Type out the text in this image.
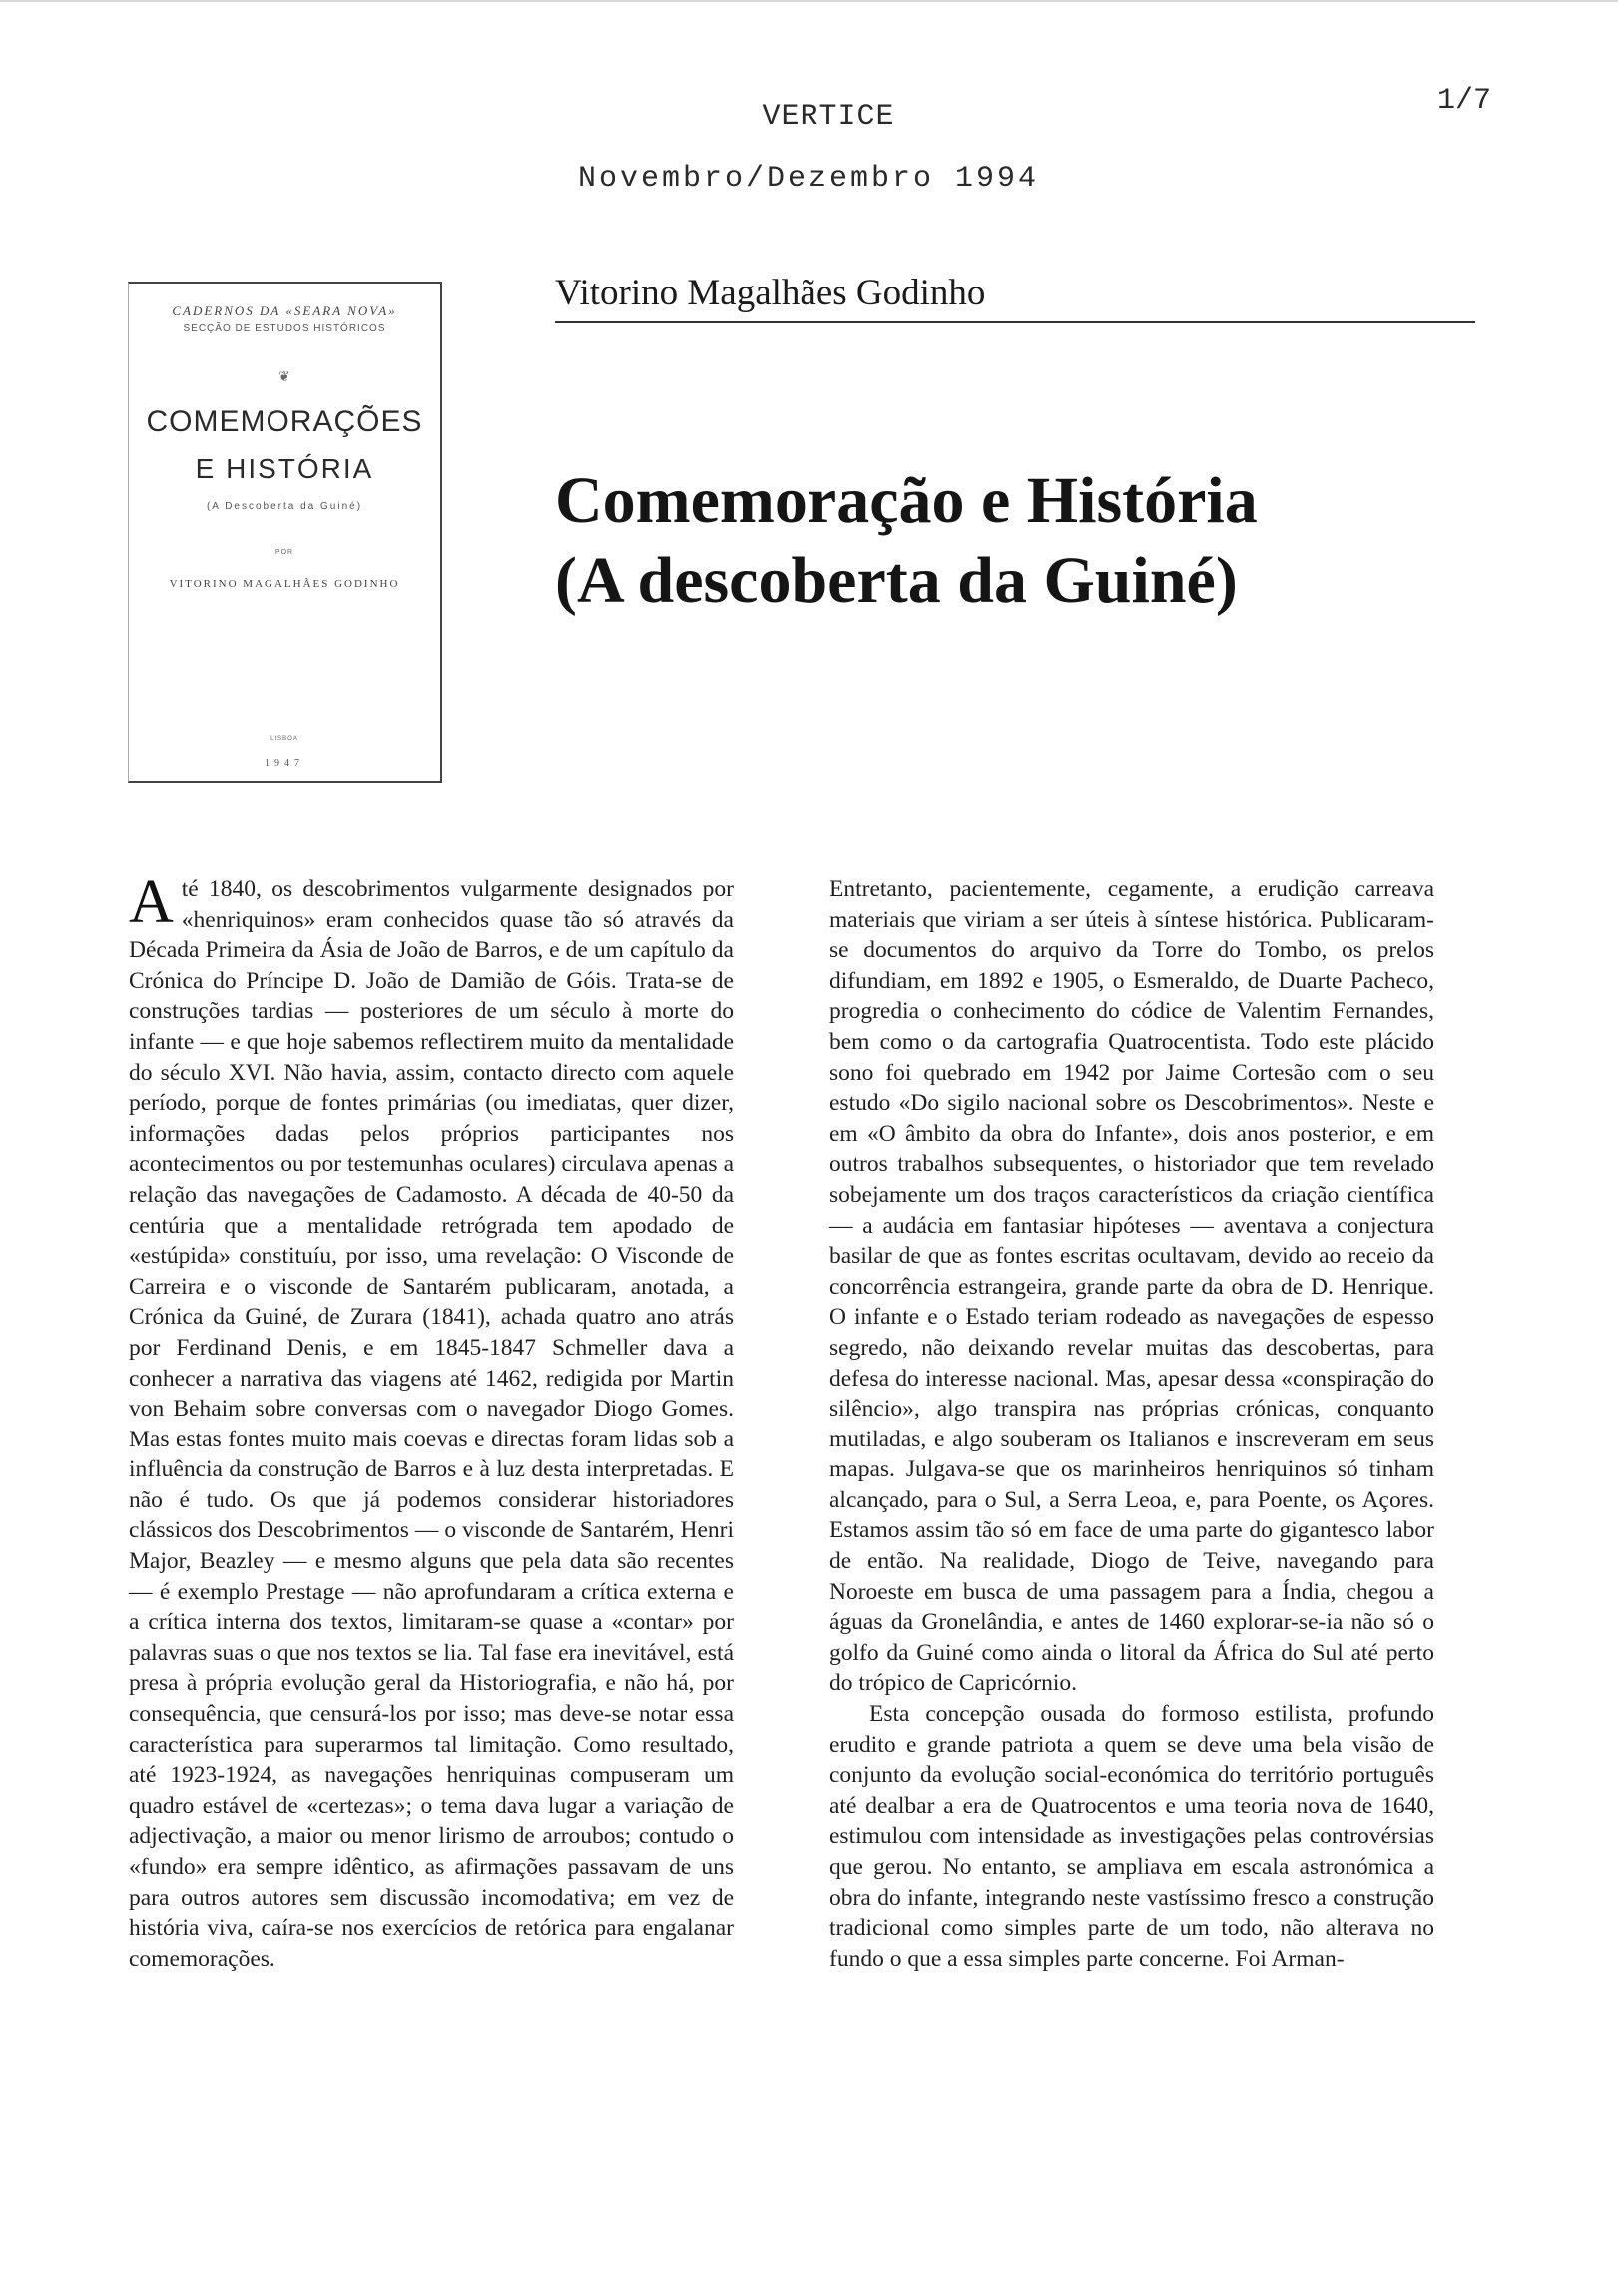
VERTICE	1/7
Novembro/Dezembro 1994
CADERNOS DA «SEARA NOVA»
SECÇÃO DE ESTUDOS HISTÓRICOS
❦
COMEMORAÇÕES
E HISTÓRIA
(A Descoberta da Guiné)
POR
VITORINO MAGALHÃES GODINHO
LISBOA
1947
Vitorino Magalhães Godinho
Comemoração e História
(A descoberta da Guiné)

Até 1840, os descobrimentos vulgarmente designados por «henriquinos» eram conhecidos quase tão só através da Década Primeira da Ásia de João de Barros, e de um capítulo da Crónica do Príncipe D. João de Damião de Góis. Trata-se de construções tardias — posteriores de um século à morte do infante — e que hoje sabemos reflectirem muito da mentalidade do século XVI. Não havia, assim, contacto directo com aquele período, porque de fontes primárias (ou imediatas, quer dizer, informações dadas pelos próprios participantes nos acontecimentos ou por testemunhas oculares) circulava apenas a relação das navegações de Cadamosto. A década de 40-50 da centúria que a mentalidade retrógrada tem apodado de «estúpida» constituíu, por isso, uma revelação: O Visconde de Carreira e o visconde de Santarém publicaram, anotada, a Crónica da Guiné, de Zurara (1841), achada quatro ano atrás por Ferdinand Denis, e em 1845-1847 Schmeller dava a conhecer a narrativa das viagens até 1462, redigida por Martin von Behaim sobre conversas com o navegador Diogo Gomes. Mas estas fontes muito mais coevas e directas foram lidas sob a influência da construção de Barros e à luz desta interpretadas. E não é tudo. Os que já podemos considerar historiadores clássicos dos Descobrimentos — o visconde de Santarém, Henri Major, Beazley — e mesmo alguns que pela data são recentes — é exemplo Prestage — não aprofundaram a crítica externa e a crítica interna dos textos, limitaram-se quase a «contar» por palavras suas o que nos textos se lia. Tal fase era inevitável, está presa à própria evolução geral da Historiografia, e não há, por consequência, que censurá-los por isso; mas deve-se notar essa característica para superarmos tal limitação. Como resultado, até 1923-1924, as navegações henriquinas compuseram um quadro estável de «certezas»; o tema dava lugar a variação de adjectivação, a maior ou menor lirismo de arroubos; contudo o «fundo» era sempre idêntico, as afirmações passavam de uns para outros autores sem discussão incomodativa; em vez de história viva, caíra-se nos exercícios de retórica para engalanar comemorações.

Entretanto, pacientemente, cegamente, a erudição carreava materiais que viriam a ser úteis à síntese histórica. Publicaram-se documentos do arquivo da Torre do Tombo, os prelos difundiam, em 1892 e 1905, o Esmeraldo, de Duarte Pacheco, progredia o conhecimento do códice de Valentim Fernandes, bem como o da cartografia Quatrocentista. Todo este plácido sono foi quebrado em 1942 por Jaime Cortesão com o seu estudo «Do sigilo nacional sobre os Descobrimentos». Neste e em «O âmbito da obra do Infante», dois anos posterior, e em outros trabalhos subsequentes, o historiador que tem revelado sobejamente um dos traços característicos da criação científica — a audácia em fantasiar hipóteses — aventava a conjectura basilar de que as fontes escritas ocultavam, devido ao receio da concorrência estrangeira, grande parte da obra de D. Henrique. O infante e o Estado teriam rodeado as navegações de espesso segredo, não deixando revelar muitas das descobertas, para defesa do interesse nacional. Mas, apesar dessa «conspiração do silêncio», algo transpira nas próprias crónicas, conquanto mutiladas, e algo souberam os Italianos e inscreveram em seus mapas. Julgava-se que os marinheiros henriquinos só tinham alcançado, para o Sul, a Serra Leoa, e, para Poente, os Açores. Estamos assim tão só em face de uma parte do gigantesco labor de então. Na realidade, Diogo de Teive, navegando para Noroeste em busca de uma passagem para a Índia, chegou a águas da Gronelândia, e antes de 1460 explorar-se-ia não só o golfo da Guiné como ainda o litoral da África do Sul até perto do trópico de Capricórnio.

Esta concepção ousada do formoso estilista, profundo erudito e grande patriota a quem se deve uma bela visão de conjunto da evolução social-económica do território português até dealbar a era de Quatrocentos e uma teoria nova de 1640, estimulou com intensidade as investigações pelas controvérsias que gerou. No entanto, se ampliava em escala astronómica a obra do infante, integrando neste vastíssimo fresco a construção tradicional como simples parte de um todo, não alterava no fundo o que a essa simples parte concerne. Foi Arman-
